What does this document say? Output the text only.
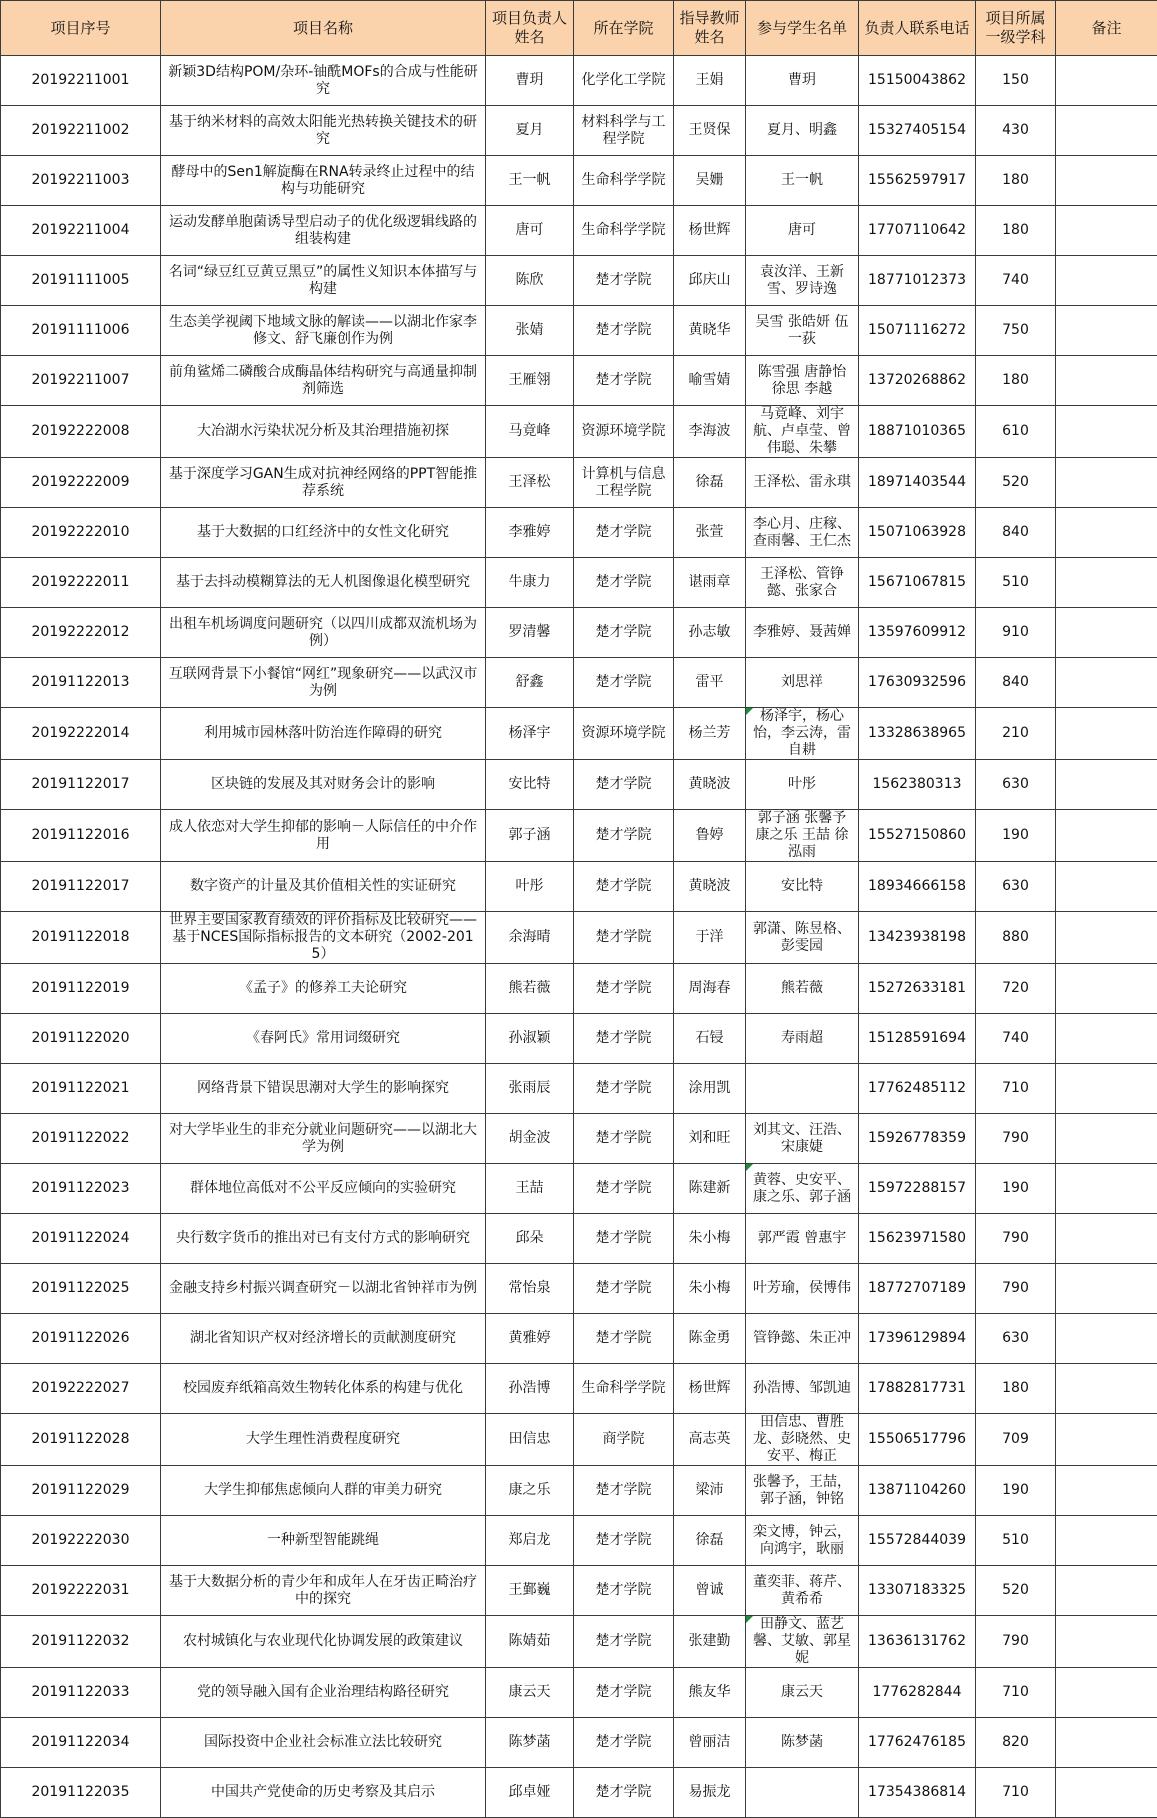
项目序号	项目名称	项目负责人姓名	所在学院	指导教师姓名	参与学生名单	负责人联系电话	项目所属一级学科	备注
20192211001	新颖3D结构POM/杂环-铀酰MOFs的合成与性能研究	曹玥	化学化工学院	王娟	曹玥	15150043862	150	
20192211002	基于纳米材料的高效太阳能光热转换关键技术的研究	夏月	材料科学与工程学院	王贤保	夏月、明鑫	15327405154	430	
20192211003	酵母中的Sen1解旋酶在RNA转录终止过程中的结构与功能研究	王一帆	生命科学学院	吴姗	王一帆	15562597917	180	
20192211004	运动发酵单胞菌诱导型启动子的优化级逻辑线路的组装构建	唐可	生命科学学院	杨世辉	唐可	17707110642	180	
20191111005	名词“绿豆红豆黄豆黑豆”的属性义知识本体描写与构建	陈欣	楚才学院	邱庆山	袁汝洋、王新雪、罗诗逸	18771012373	740	
20191111006	生态美学视阈下地域文脉的解读——以湖北作家李修文、舒飞廉创作为例	张婧	楚才学院	黄晓华	吴雪 张皓妍 伍一荻	15071116272	750	
20192211007	前角鲨烯二磷酸合成酶晶体结构研究与高通量抑制剂筛选	王雁翎	楚才学院	喻雪婧	陈雪强 唐静怡 徐思 李越	13720268862	180	
20192222008	大冶湖水污染状况分析及其治理措施初探	马竟峰	资源环境学院	李海波	马竟峰、刘宇航、卢卓莹、曾伟聪、朱攀	18871010365	610	
20192222009	基于深度学习GAN生成对抗神经网络的PPT智能推荐系统	王泽松	计算机与信息工程学院	徐磊	王泽松、雷永琪	18971403544	520	
20192222010	基于大数据的口红经济中的女性文化研究	李雅婷	楚才学院	张萱	李心月、庄稼、查雨馨、王仁杰	15071063928	840	
20192222011	基于去抖动模糊算法的无人机图像退化模型研究	牛康力	楚才学院	谌雨章	王泽松、管铮懿、张家合	15671067815	510	
20192222012	出租车机场调度问题研究（以四川成都双流机场为例）	罗清馨	楚才学院	孙志敏	李雅婷、聂茜婵	13597609912	910	
20191122013	互联网背景下小餐馆“网红”现象研究——以武汉市为例	舒鑫	楚才学院	雷平	刘思祥	17630932596	840	
20192222014	利用城市园林落叶防治连作障碍的研究	杨泽宇	资源环境学院	杨兰芳	杨泽宇，杨心怡，李云涛，雷自耕	13328638965	210	
20191122017	区块链的发展及其对财务会计的影响	安比特	楚才学院	黄晓波	叶彤	1562380313	630	
20191122016	成人依恋对大学生抑郁的影响－人际信任的中介作用	郭子涵	楚才学院	鲁婷	郭子涵 张馨予 康之乐 王喆 徐泓雨	15527150860	190	
20191122017	数字资产的计量及其价值相关性的实证研究	叶彤	楚才学院	黄晓波	安比特	18934666158	630	
20191122018	世界主要国家教育绩效的评价指标及比较研究——基于NCES国际指标报告的文本研究（2002-2015）	余海晴	楚才学院	于洋	郭潇、陈昱格、彭雯园	13423938198	880	
20191122019	《孟子》的修养工夫论研究	熊若薇	楚才学院	周海春	熊若薇	15272633181	720	
20191122020	《春阿氏》常用词缀研究	孙淑颖	楚才学院	石锓	寿雨超	15128591694	740	
20191122021	网络背景下错误思潮对大学生的影响探究	张雨辰	楚才学院	涂用凯		17762485112	710	
20191122022	对大学毕业生的非充分就业问题研究——以湖北大学为例	胡金波	楚才学院	刘和旺	刘其文、汪浩、宋康婕	15926778359	790	
20191122023	群体地位高低对不公平反应倾向的实验研究	王喆	楚才学院	陈建新	黄蓉、史安平、康之乐、郭子涵	15972288157	190	
20191122024	央行数字货币的推出对已有支付方式的影响研究	邱朵	楚才学院	朱小梅	郭严霞 曾惠宇	15623971580	790	
20191122025	金融支持乡村振兴调查研究－以湖北省钟祥市为例	常怡泉	楚才学院	朱小梅	叶芳瑜，侯博伟	18772707189	790	
20191122026	湖北省知识产权对经济增长的贡献测度研究	黄雅婷	楚才学院	陈金勇	管铮懿、朱正冲	17396129894	630	
20192222027	校园废弃纸箱高效生物转化体系的构建与优化	孙浩博	生命科学学院	杨世辉	孙浩博、邹凯迪	17882817731	180	
20191122028	大学生理性消费程度研究	田信忠	商学院	高志英	田信忠、曹胜龙、彭晓然、史安平、梅正	15506517796	709	
20191122029	大学生抑郁焦虑倾向人群的审美力研究	康之乐	楚才学院	梁沛	张馨予，王喆，郭子涵，钟铭	13871104260	190	
20192222030	一种新型智能跳绳	郑启龙	楚才学院	徐磊	栾文博，钟云，向鸿宇，耿丽	15572844039	510	
20192222031	基于大数据分析的青少年和成年人在牙齿正畸治疗中的探究	王鄞巍	楚才学院	曾诚	董奕菲、蒋芹、黄希希	13307183325	520	
20191122032	农村城镇化与农业现代化协调发展的政策建议	陈婧茹	楚才学院	张建勤	田静文、蓝艺馨、艾敏、郭星妮	13636131762	790	
20191122033	党的领导融入国有企业治理结构路径研究	康云天	楚才学院	熊友华	康云天	1776282844	710	
20191122034	国际投资中企业社会标准立法比较研究	陈梦菡	楚才学院	曾丽洁	陈梦菡	17762476185	820	
20191122035	中国共产党使命的历史考察及其启示	邱卓娅	楚才学院	易振龙		17354386814	710	
